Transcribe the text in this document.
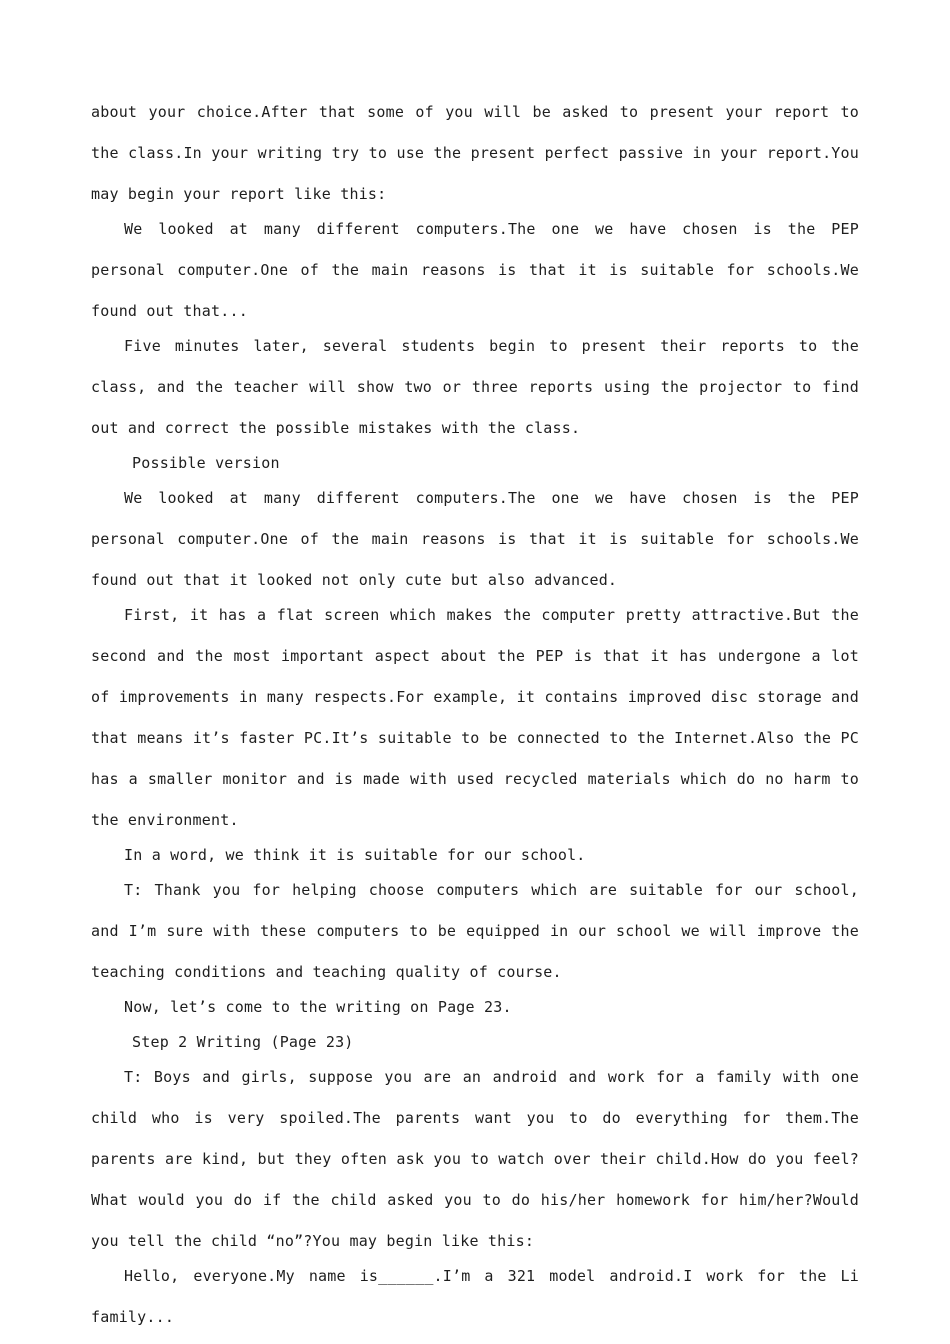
about your choice.After that some of you will be asked to present your report to the class.In your writing try to use the present perfect passive in your report.You may begin your report like this:

We looked at many different computers.The one we have chosen is the PEP personal computer.One of the main reasons is that it is suitable for schools.We found out that...

Five minutes later, several students begin to present their reports to the class, and the teacher will show two or three reports using the projector to find out and correct the possible mistakes with the class.

Possible version

We looked at many different computers.The one we have chosen is the PEP personal computer.One of the main reasons is that it is suitable for schools.We found out that it looked not only cute but also advanced.

First, it has a flat screen which makes the computer pretty attractive.But the second and the most important aspect about the PEP is that it has undergone a lot of improvements in many respects.For example, it contains improved disc storage and that means it’s faster PC.It’s suitable to be connected to the Internet.Also the PC has a smaller monitor and is made with used recycled materials which do no harm to the environment.

In a word, we think it is suitable for our school.

T: Thank you for helping choose computers which are suitable for our school, and I’m sure with these computers to be equipped in our school we will improve the teaching conditions and teaching quality of course.

Now, let’s come to the writing on Page 23.

Step 2 Writing (Page 23)

T: Boys and girls, suppose you are an android and work for a family with one child who is very spoiled.The parents want you to do everything for them.The parents are kind, but they often ask you to watch over their child.How do you feel?What would you do if the child asked you to do his/her homework for him/her?Would you tell the child “no”?You may begin like this:

Hello, everyone.My name is______.I’m a 321 model android.I work for the Li family...
